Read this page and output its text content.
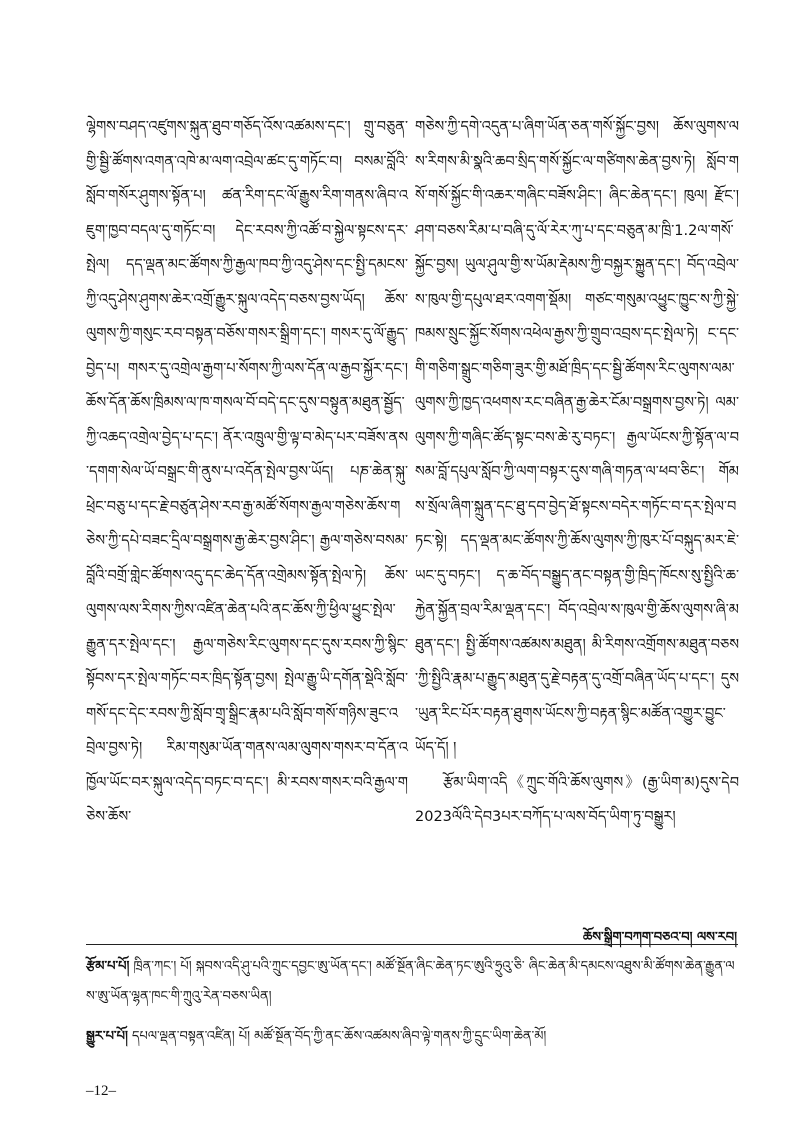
ལྷེགས་བཤད་འཛུགས་སྐུན་ཐུབ་གཅོད་འོས་འཚམས་དང་། གྲུ་བཅུན་གྱི་སྦྱི་ཚོགས་འགན་འཁེ་མ་ལག་འབྲེལ་ཚང་དུ་གཏོང་བ། བསམ་བློའི་སློབ་གསོར་ཤུགས་སྟོན་པ། ཚན་རིག་དང་ལོ་རྒྱུས་རིག་གནས་ཞིབ་འཇུག་ཁྱབ་བདལ་དུ་གཏོང་བ། དེང་རབས་ཀྱི་འཚོ་བ་སྐྱེལ་སྟངས་དར་སྤེལ། དད་ལྡན་མང་ཚོགས་ཀྱི་རྒྱལ་ཁབ་ཀྱི་འདུ་ཤེས་དང་སྤྱི་དམངས་ཀྱི་འདུ་ཤེས་ཤུགས་ཆེར་འགྲོ་རྒྱུར་སྐུལ་འདེད་བཅས་བྱས་ཡོད། ཆོས་ལུགས་ཀྱི་གསུང་རབ་བསྟན་བཅོས་གསར་སྒྲིག་དང་། གསར་དུ་ལོ་རྒྱུད་བྱེད་པ། གསར་དུ་འགྲེལ་རྒྱག་པ་སོགས་ཀྱི་ལས་དོན་ལ་རྒྱབ་སྐྱོར་དང་། ཆོས་དོན་ཆོས་ཁྲིམས་ལ་ཁ་གསལ་བོ་བདེ་དང་དུས་བསྟུན་མཐུན་སྦྱོད་ཀྱི་འཆད་འགྲེལ་བྱེད་པ་དང་། ནོར་འཁྲུལ་གྱི་ལྟ་བ་མེད་པར་བཟོས་ནས་དགག་སེལ་ཡོ་བསྒྲང་གི་ནུས་པ་འདོན་སྤེལ་བྱས་ཡོད། པཎ་ཆེན་སྐུ་ཕྲེང་བཅུ་པ་དང་རྗེ་བཙུན་ཤེས་རབ་རྒྱ་མཚོ་སོགས་རྒྱལ་གཅེས་ཆོས་གཅེས་ཀྱི་དཔེ་བཟང་དྲིལ་བསྒྲགས་རྒྱ་ཆེར་བྱས་ཤིང་། རྒྱལ་གཅེས་བསམ་བློའི་བགྲོ་གླེང་ཚོགས་འདུ་དང་ཆེད་དོན་འགྲེམས་སྟོན་སྤེལ་ཏེ། ཆོས་ལུགས་ལས་རིགས་ཀྱིས་འཛིན་ཆེན་པའི་ནང་ཆོས་ཀྱི་ཕྱིལ་ཕྱུང་སྤེལ་རྒྱུན་དར་སྤེལ་དང་། རྒྱལ་གཅེས་རིང་ལུགས་དང་དུས་རབས་ཀྱི་སྙིང་སྟོབས་དར་སྤེལ་གཏོང་བར་ཁྲིད་སྟོན་བྱས། སྤེལ་རྒྱུ་ཡི་དགོན་སྡེའི་སློབ་གསོ་དང་དེང་རབས་ཀྱི་སློབ་གྲྭ་སྒྲིང་རྣམ་པའི་སློབ་གསོ་གཉིས་ཟུང་འབྲེལ་བྱས་ཏེ། རིམ་གསུམ་ཡོན་གནས་ལམ་ལུགས་གསར་བ་དོན་འཁྱོལ་ཡོང་བར་སྐུལ་འདེད་བཏང་བ་དང་། མི་རབས་གསར་བའི་རྒྱལ་གཅེས་ཆོས་

གཅེས་ཀྱི་དགེ་འདུན་པ་ཞིག་ཡོན་ཅན་གསོ་སྐྱོང་བྱས། ཆོས་ལུགས་ལས་རིགས་མི་སྣའི་ཆབ་སྲིད་གསོ་སྐྱོང་ལ་གཙིགས་ཆེན་བྱས་ཏེ། སློབ་གསོ་གསོ་སྐྱོང་གི་འཆར་གཞིང་བཟོས་ཤིང་། ཞིང་ཆེན་དང་། ཁུལ། རྫོང་། ཤག་བཅས་རིམ་པ་བཞི་དུ་ལོ་རེར་ཀུ་པ་དང་བཅུན་མ་ཁྲི་1.2ལ་གསོ་སྐྱོང་བྱས། ཡུལ་ཤུལ་གྱི་ས་ཡོམ་རྡེམས་ཀྱི་བསྐྱར་སྐྱུན་དང་། བོད་འབྲེལ་ས་ཁུལ་གྱི་དཔུལ་ཐར་འགག་སྡོམ། གཙང་གསུམ་འཕྱུང་ཁྱུང་ས་ཀྱི་སྐྱེ་ཁམས་སྲུང་སྐྱོང་སོགས་འཕེལ་རྒྱས་ཀྱི་གྲུབ་འབྲས་དང་སྤེལ་ཏེ། ང་དང་གི་གཅིག་སྒྲུང་གཅིག་ཟུར་གྱི་མཐོ་ཁྲིད་དང་སྦྱི་ཚོགས་རིང་ལུགས་ལམ་ལུགས་ཀྱི་ཁྱད་འཕགས་རང་བཞིན་རྒྱ་ཆེར་ངོམ་བསྒྲགས་བྱས་ཏེ། ལམ་ལུགས་ཀྱི་གཞིང་ཚོད་སྟང་བས་ཆེ་རུ་བཏང་། རྒྱལ་ཡོངས་ཀྱི་སྟོན་ལ་བསམ་བློ་དཔུལ་སློབ་ཀྱི་ལག་བསྟར་དུས་གཞི་གཏན་ལ་ཕབ་ཅིང་། གོམས་སྲོལ་ཞིག་སྐྲུན་དང་ཐུ་དབ་བྱེད་ཐོ་སྟངས་བདེར་གཏོང་བ་དར་སྤེལ་བཏང་སྟེ། དད་ལྡན་མང་ཚོགས་ཀྱི་ཆོས་ལུགས་ཀྱི་ཁུར་པོ་བསྐུད་མར་ཇེ་ཡང་དུ་བཏང་། ད་ཆ་བོད་བསྒྱུད་ནང་བསྟན་གྱི་ཁྲིད་ཁོངས་སུ་སྤྱིའི་ཆ་རྐྱེན་སྐྱོན་བྲལ་རིམ་ལྡན་དང་། བོད་འབྲེལ་ས་ཁུལ་གྱི་ཆོས་ལུགས་ཞི་མཐུན་དང་། སྤྱི་ཚོགས་འཚམས་མཐུན། མི་རིགས་འགྲོགས་མཐུན་བཅས་ཀྱི་སྤྱིའི་རྣམ་པ་རྒྱུད་མཐུན་དུ་རྗེ་བརྟན་དུ་འགྲོ་བཞིན་ཡོད་པ་དང་། དུས་ཡུན་རིང་པོར་བརྟན་ཐུགས་ཡོངས་ཀྱི་བརྟན་སྙིང་མཚོན་འགྱུར་བྱུང་ཡོད་དོ། །

རྩོམ་ཡིག་འདི《ཀྲུང་གོའི་ཆོས་ལུགས》(རྒྱ་ཡིག་མ)དུས་དེབ2023ལོའི་དེབ3པར་བཀོད་པ་ལས་བོད་ཡིག་ཏུ་བསྒྱུར།

ཆོས་སྒྲིག་བཀག་བཅའ་བ། ལས་རབ།

རྩོམ་པ་པོ། ཁྲིན་ཀང་། པོ། སྐབས་འདི་ཤུ་པའི་ཀྲུང་དབྱང་ཨུ་ཡོན་དང་། མཚོ་སྔོན་ཞིང་ཆེན་ཏང་ཨུའི་ཧྲུའུ་ཅི་ ཞིང་ཆེན་མི་དམངས་འཐུས་མི་ཚོགས་ཆེན་རྒྱུན་ལས་ཨུ་ཡོན་ལྷན་ཁང་གི་ཀྲུའུ་རེན་བཅས་ཡིན།

སྒྱུར་པ་པོ། དཔལ་ལྡན་བསྟན་འཛིན། པོ། མཚོ་སྔོན་བོད་ཀྱི་ནང་ཆོས་འཚམས་ཞིབ་ལྟེ་གནས་ཀྱི་དྲུང་ཡིག་ཆེན་མོ།

–12–
